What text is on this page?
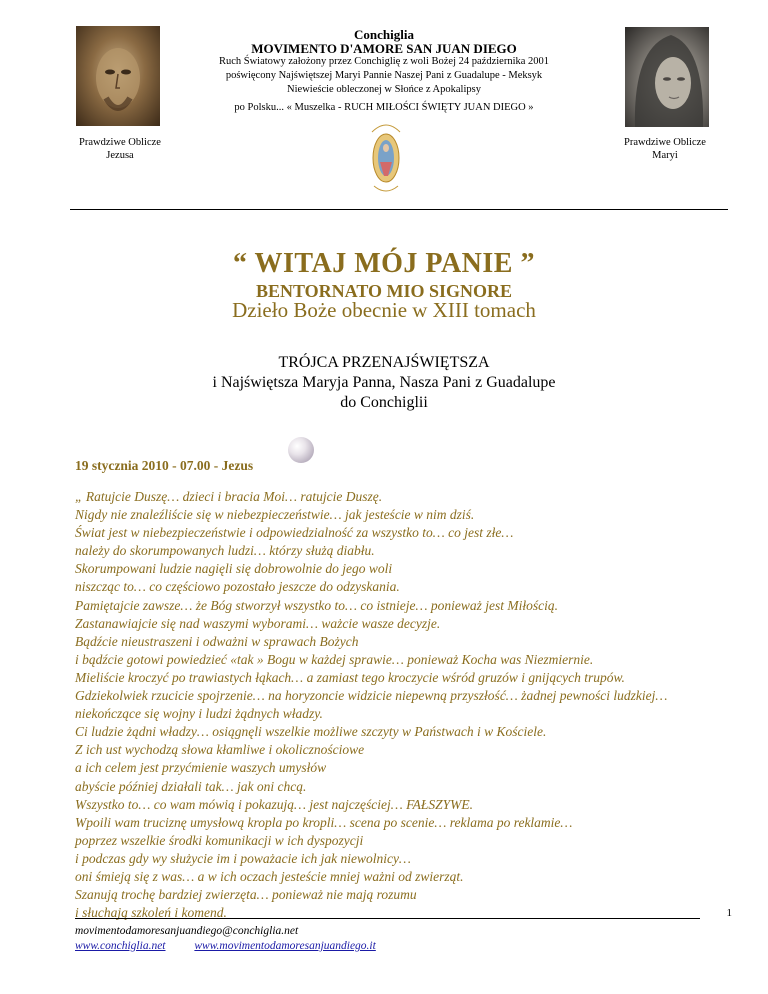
Conchiglia
MOVIMENTO D'AMORE SAN JUAN DIEGO
Ruch Światowy założony przez Conchiglię z woli Bożej 24 października 2001
poświęcony Najświętszej Maryi Pannie Naszej Pani z Guadalupe - Meksyk
Niewieście obleczonej w Słońce z Apokalipsy
po Polsku... « Muszelka - RUCH MIŁOŚCI ŚWIĘTY JUAN DIEGO »
Prawdziwe Oblicze
Jezusa
Prawdziwe Oblicze
Maryi
“ WITAJ MÓJ PANIE ”
BENTORNATO MIO SIGNORE
Dzieło Boże obecnie w XIII tomach
TRÓJCA PRZENAJŚWIĘTSZA
i Najświętsza Maryja Panna, Nasza Pani z Guadalupe
do Conchiglii
19 stycznia 2010 - 07.00 - Jezus
„ Ratujcie Duszę… dzieci i bracia Moi… ratujcie Duszę.
Nigdy nie znaleźliście się w niebezpieczeństwie… jak jesteście w nim dziś.
Świat jest w niebezpieczeństwie i odpowiedzialność za wszystko to… co jest złe…
należy do skorumpowanych ludzi… którzy służą diabłu.
Skorumpowani ludzie nagięli się dobrowolnie do jego woli
niszcząc to… co częściowo pozostało jeszcze do odzyskania.
Pamiętajcie zawsze… że Bóg stworzył wszystko to… co istnieje… ponieważ jest Miłością.
Zastanawiajcie się nad waszymi wyborami… ważcie wasze decyzje.
Bądźcie nieustraszeni i odważni w sprawach Bożych
i bądźcie gotowi powiedzieć «tak » Bogu w każdej sprawie… ponieważ Kocha was Niezmiernie.
Mieliście kroczyć po trawiastych łąkach… a zamiast tego kroczycie wśród gruzów i gnijących trupów.
Gdziekolwiek rzucicie spojrzenie… na horyzoncie widzicie niepewną przyszłość… żadnej pewności ludzkiej…
niekończące się wojny i ludzi żądnych władzy.
Ci ludzie żądni władzy… osiągnęli wszelkie możliwe szczyty w Państwach i w Kościele.
Z ich ust wychodzą słowa kłamliwe i okolicznościowe
a ich celem jest przyćmienie waszych umysłów
abyście później działali tak… jak oni chcą.
Wszystko to… co wam mówią i pokazują… jest najczęściej… FAŁSZYWE.
Wpoili wam truciznę umysłową kropla po kropli… scena po scenie… reklama po reklamie…
poprzez wszelkie środki komunikacji w ich dyspozycji
i podczas gdy wy służycie im i poważacie ich jak niewolnicy…
oni śmieją się z was… a w ich oczach jesteście mniej ważni od zwierząt.
Szanują trochę bardziej zwierzęta… ponieważ nie mają rozumu
i słuchają szkoleń i komend.	1
movimentodamoresanjuandiego@conchiglia.net
www.conchiglia.net	www.movimentodamoresanjuandiego.it
